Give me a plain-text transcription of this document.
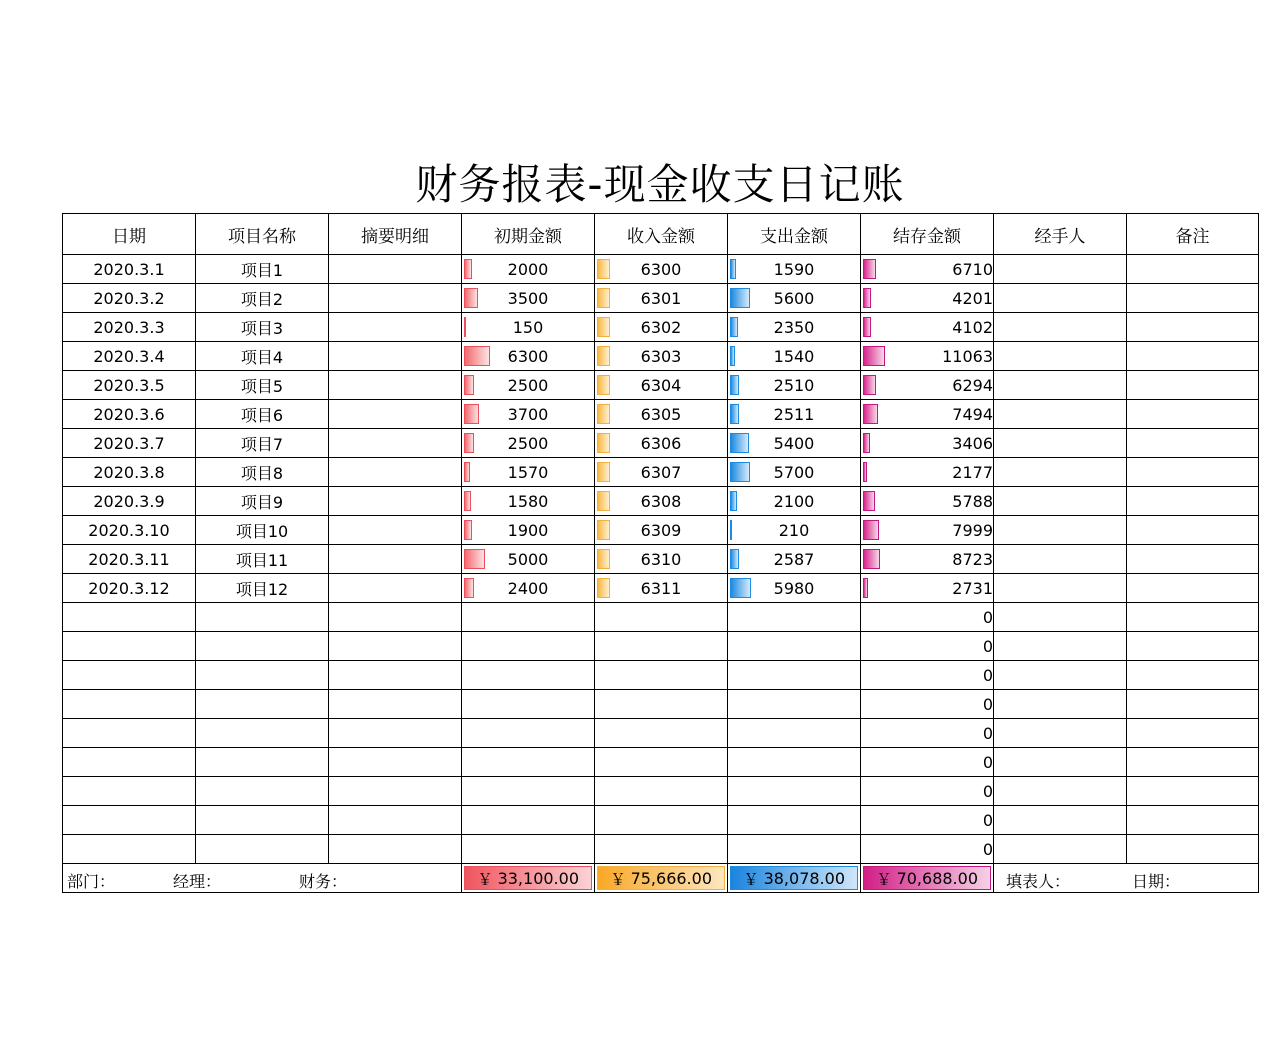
财务报表-现金收支日记账
日期	项目名称	摘要明细	初期金额	收入金额	支出金额	结存金额	经手人	备注
2020.3.1	项目1		2000	6300	1590	6710		
2020.3.2	项目2		3500	6301	5600	4201		
2020.3.3	项目3		150	6302	2350	4102		
2020.3.4	项目4		6300	6303	1540	11063		
2020.3.5	项目5		2500	6304	2510	6294		
2020.3.6	项目6		3700	6305	2511	7494		
2020.3.7	项目7		2500	6306	5400	3406		
2020.3.8	项目8		1570	6307	5700	2177		
2020.3.9	项目9		1580	6308	2100	5788		
2020.3.10	项目10		1900	6309	210	7999		
2020.3.11	项目11		5000	6310	2587	8723		
2020.3.12	项目12		2400	6311	5980	2731		
						0		
						0		
						0		
						0		
						0		
						0		
						0		
						0		
						0		

部门： 经理： 财务：			￥ 33,100.00	￥ 75,666.00	￥ 38,078.00	￥ 70,688.00	填表人： 日期：	
